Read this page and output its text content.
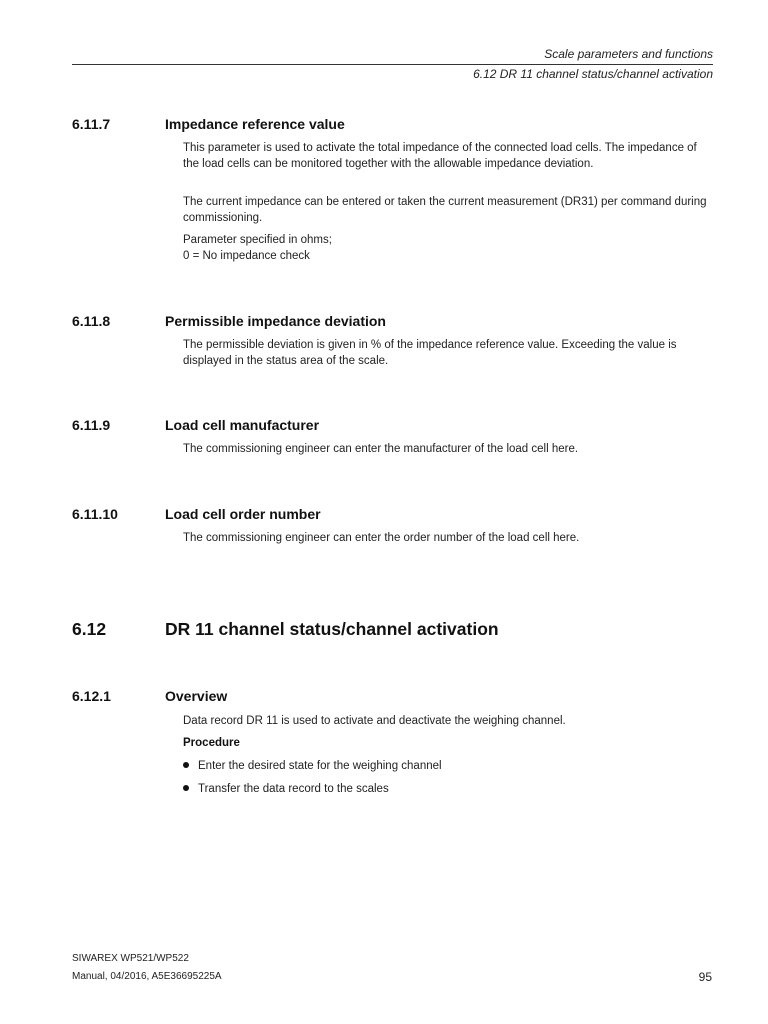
Scale parameters and functions
6.12 DR 11 channel status/channel activation
6.11.7	Impedance reference value

This parameter is used to activate the total impedance of the connected load cells. The impedance of the load cells can be monitored together with the allowable impedance deviation.

The current impedance can be entered or taken the current measurement (DR31) per command during commissioning.

Parameter specified in ohms;

0 = No impedance check

6.11.8	Permissible impedance deviation

The permissible deviation is given in % of the impedance reference value. Exceeding the value is displayed in the status area of the scale.

6.11.9	Load cell manufacturer

The commissioning engineer can enter the manufacturer of the load cell here.

6.11.10	Load cell order number

The commissioning engineer can enter the order number of the load cell here.

6.12	DR 11 channel status/channel activation
6.12.1	Overview

Data record DR 11 is used to activate and deactivate the weighing channel.

Procedure
Enter the desired state for the weighing channel
Transfer the data record to the scales
SIWAREX WP521/WP522
Manual, 04/2016, A5E36695225A	95
